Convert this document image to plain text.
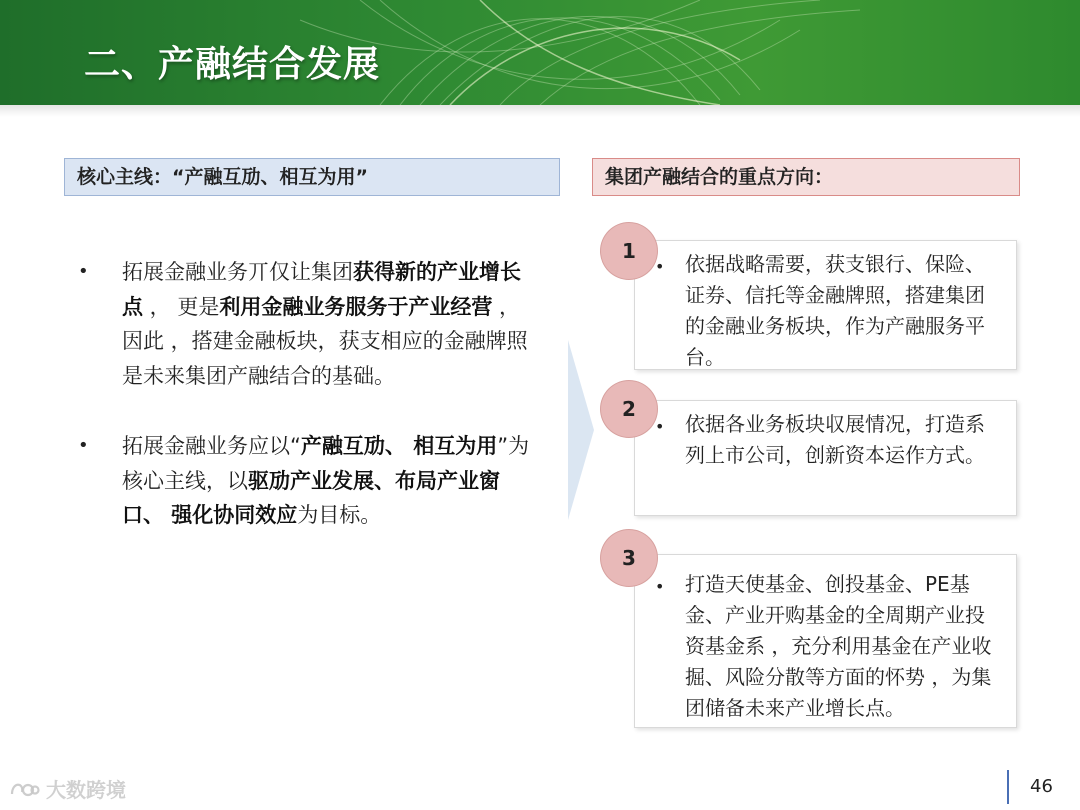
二、产融结合发展
核心主线：“产融互劢、相互为用”	集团产融结合的重点方向：
•	拓展金融业务丌仅让集团获得新的产业增长点 ， 更是利用金融业务服务于产业经营 ，因此 ，搭建金融板块，获支相应的金融牌照是未来集团产融结合的基础。
•	拓展金融业务应以“产融互劢、 相互为用”为核心主线，以驱劢产业发展、布局产业窗口、 强化协同效应为目标。
•	依据战略需要，获支银行、保险、证券、信托等金融牌照，搭建集团的金融业务板块，作为产融服务平台。
1
•	依据各业务板块収展情况，打造系列上市公司，创新资本运作方式。
2
•	打造天使基金、创投基金、PE基金、产业开购基金的全周期产业投资基金系 ，充分利用基金在产业收掘、风险分散等方面的怀势 ，为集团储备未来产业增长点。
3
大数跨境	46
